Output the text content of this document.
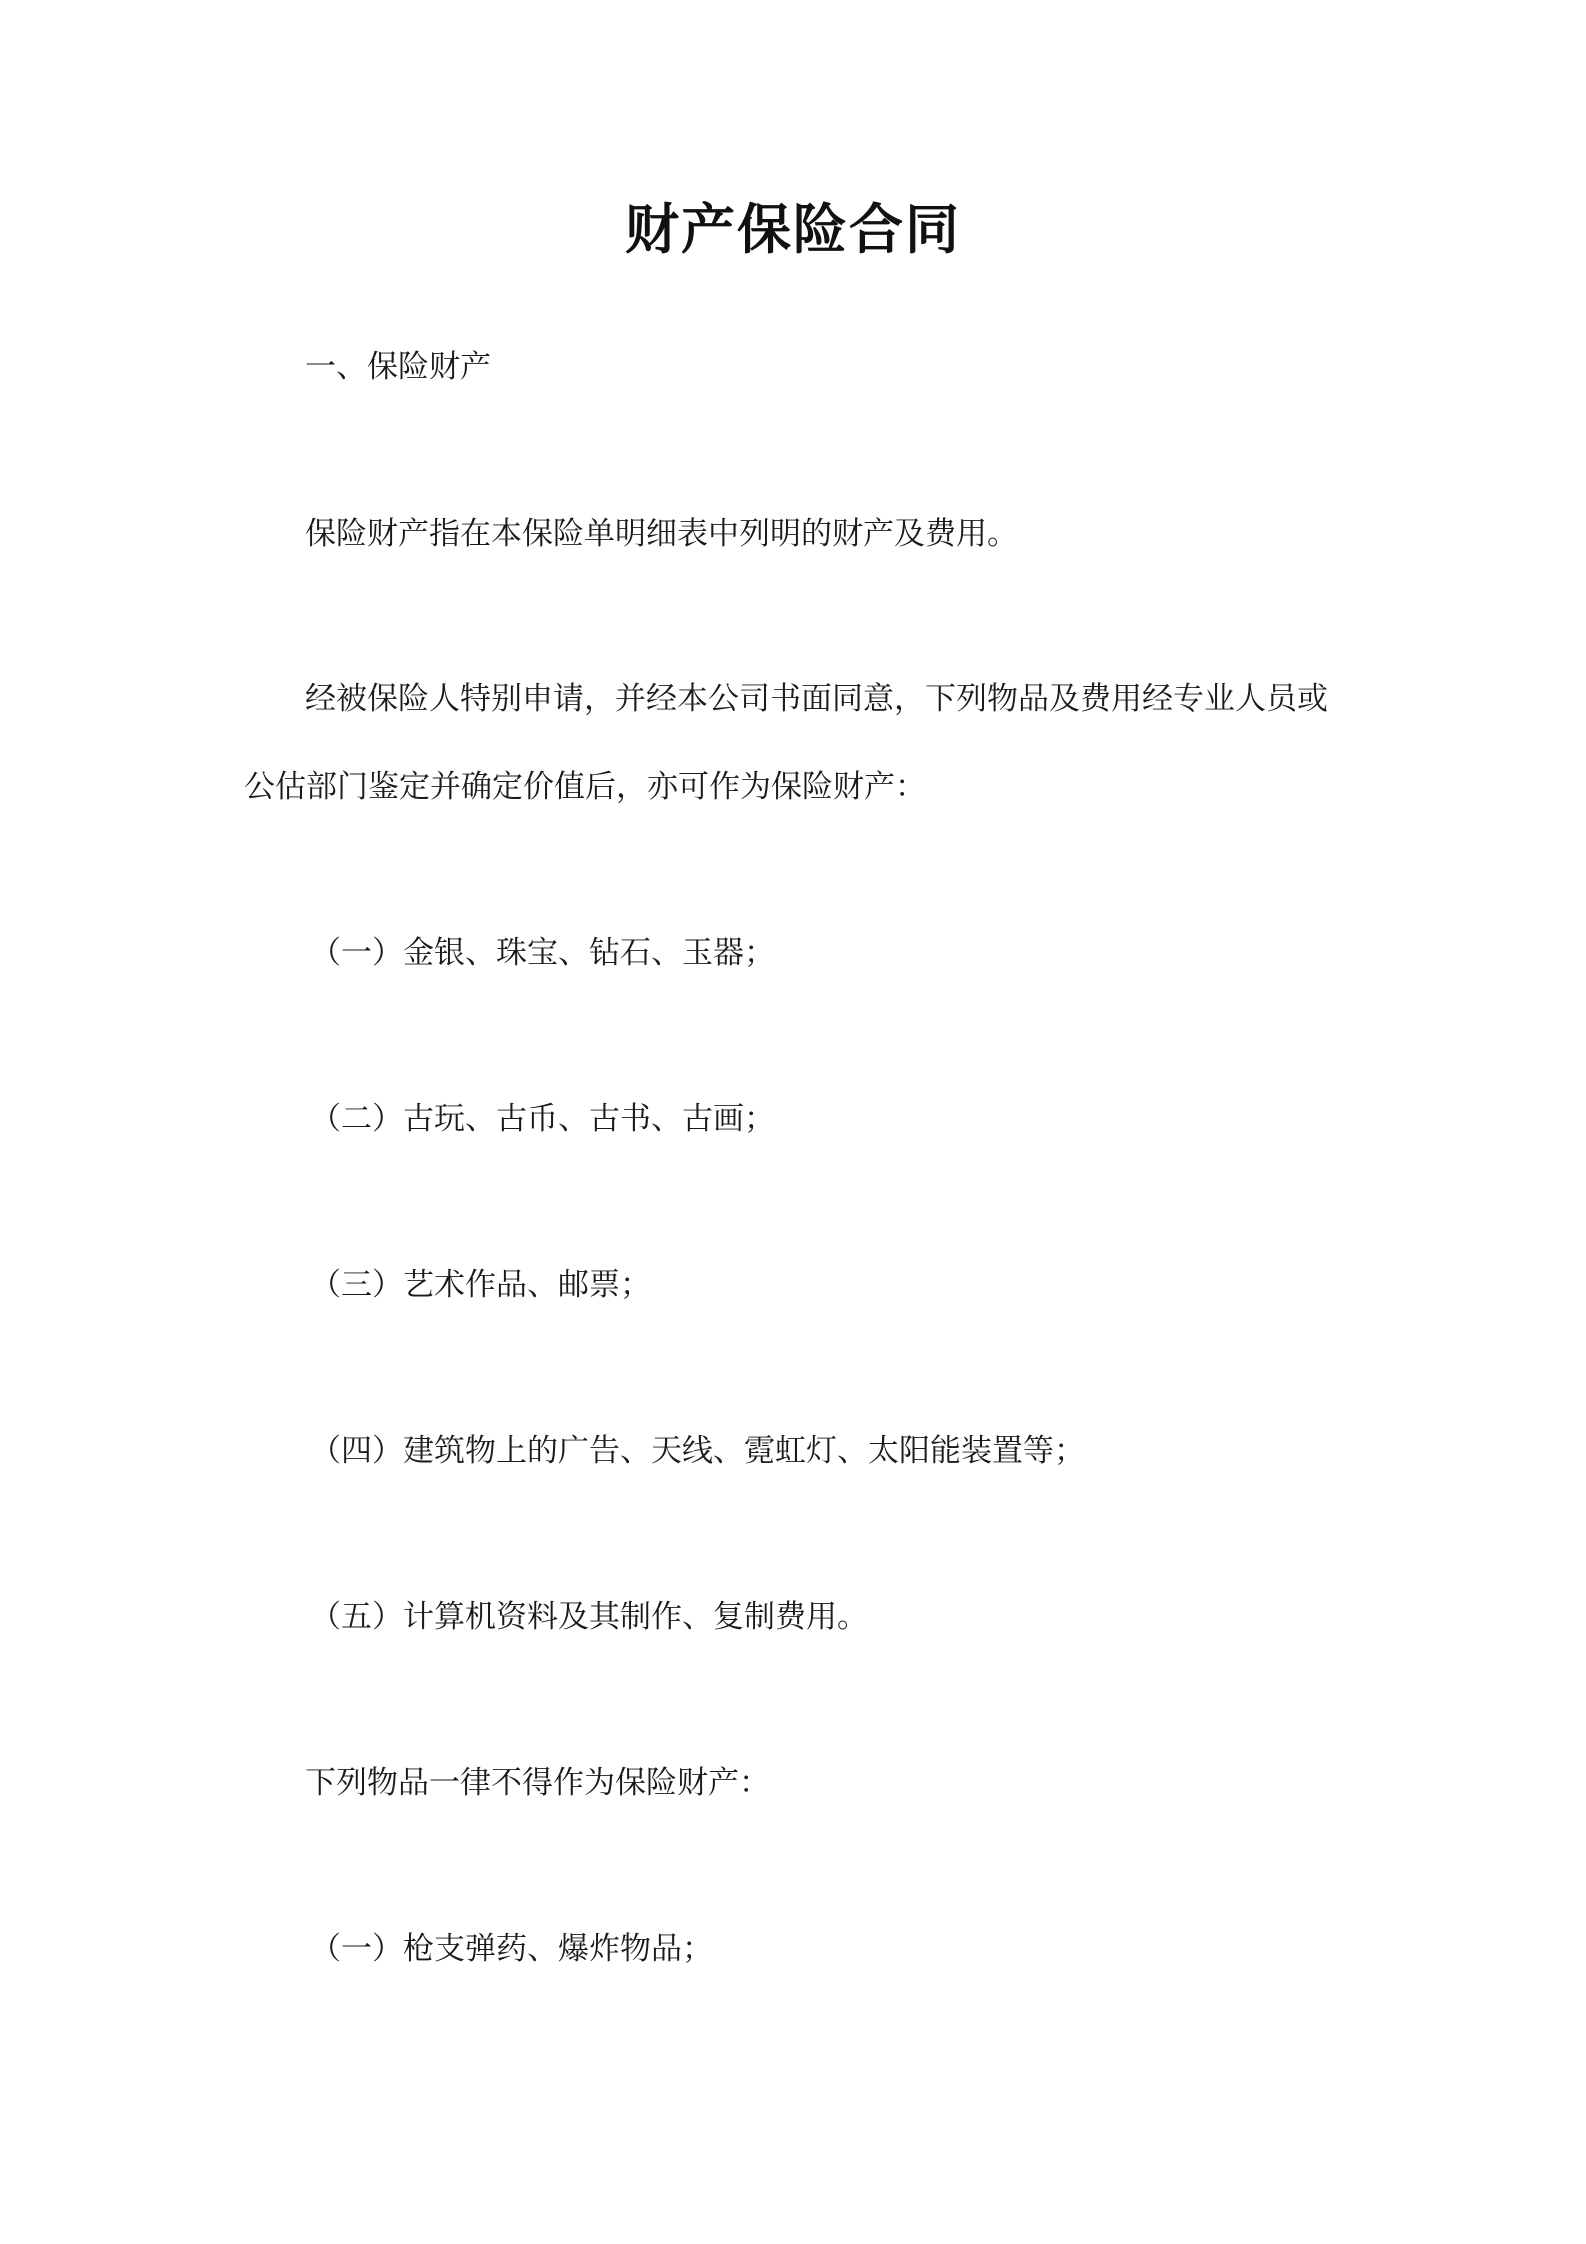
财产保险合同
一、保险财产
保险财产指在本保险单明细表中列明的财产及费用。
经被保险人特别申请，并经本公司书面同意，下列物品及费用经专业人员或
公估部门鉴定并确定价值后，亦可作为保险财产：
（一）金银、珠宝、钻石、玉器；
（二）古玩、古币、古书、古画；
（三）艺术作品、邮票；
（四）建筑物上的广告、天线、霓虹灯、太阳能装置等；
（五）计算机资料及其制作、复制费用。
下列物品一律不得作为保险财产：
（一）枪支弹药、爆炸物品；
